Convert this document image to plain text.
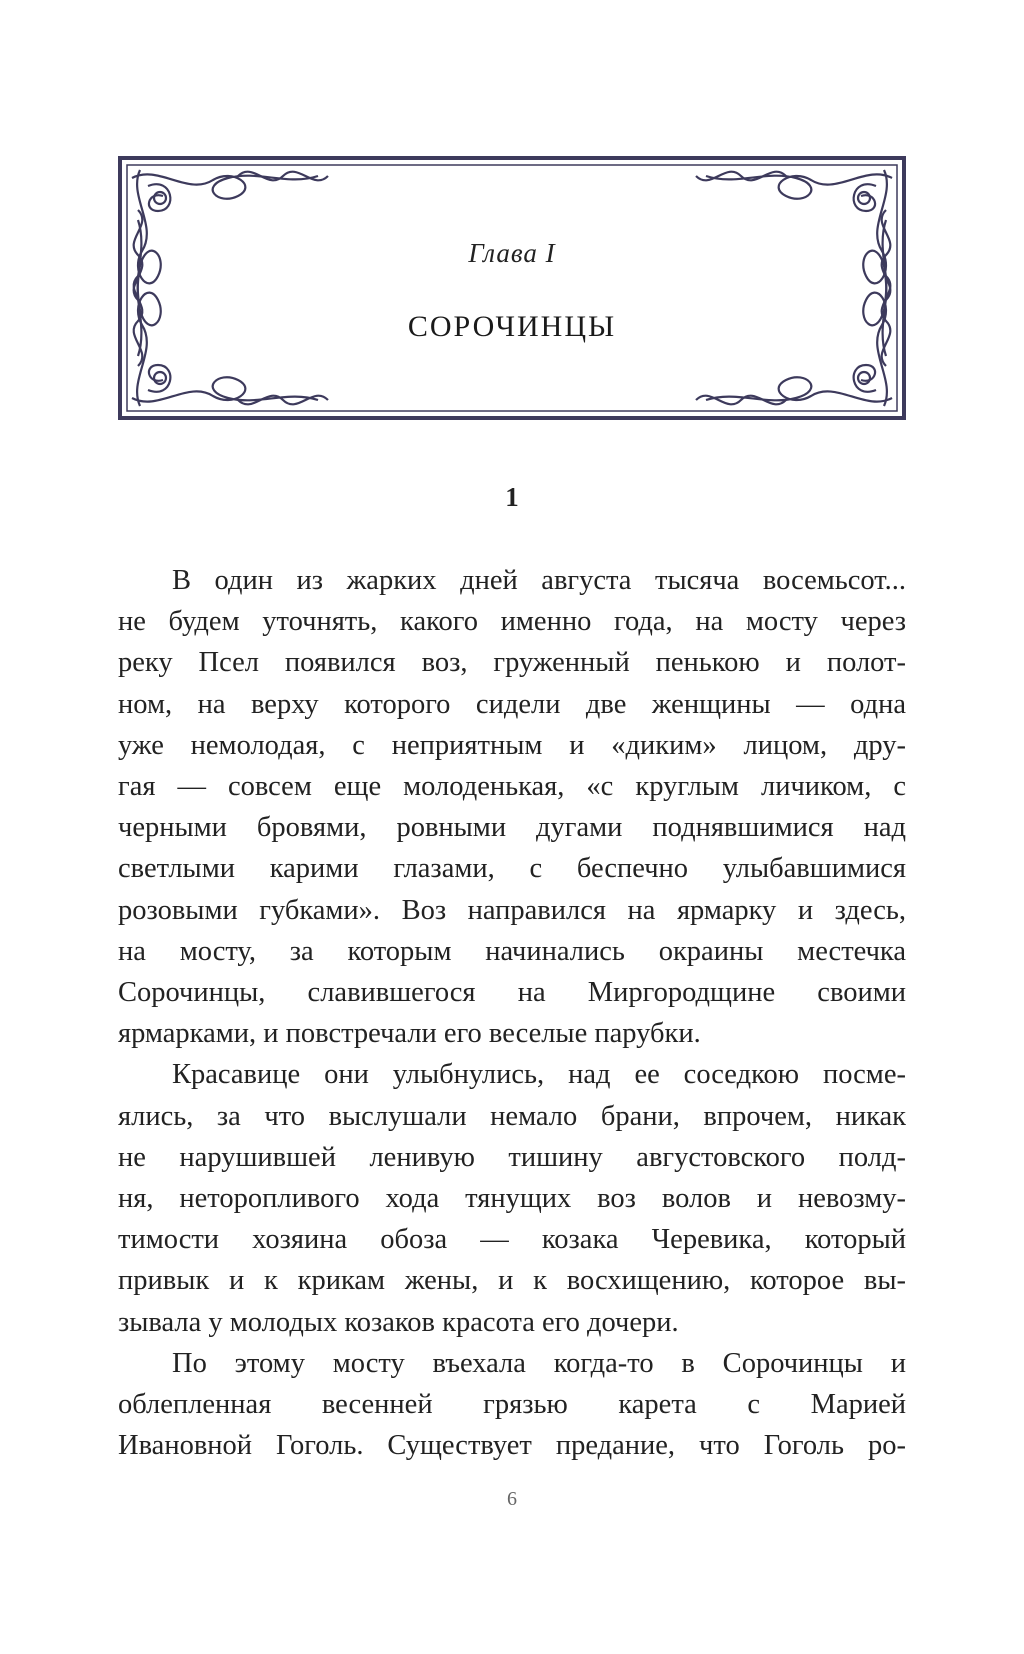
Глава I
СОРОЧИНЦЫ
1
В один из жарких дней августа тысяча восемьсот...
не будем уточнять, какого именно года, на мосту через
реку Псел появился воз, груженный пенькою и полот-
ном, на верху которого сидели две женщины — одна
уже немолодая, с неприятным и «диким» лицом, дру-
гая — совсем еще молоденькая, «с круглым личиком, с
черными бровями, ровными дугами поднявшимися над
светлыми карими глазами, с беспечно улыбавшимися
розовыми губками». Воз направился на ярмарку и здесь,
на мосту, за которым начинались окраины местечка
Сорочинцы, славившегося на Миргородщине своими
ярмарками, и повстречали его веселые парубки.
Красавице они улыбнулись, над ее соседкою посме-
ялись, за что выслушали немало брани, впрочем, никак
не нарушившей ленивую тишину августовского полд-
ня, неторопливого хода тянущих воз волов и невозму-
тимости хозяина обоза — козака Черевика, который
привык и к крикам жены, и к восхищению, которое вы-
зывала у молодых козаков красота его дочери.
По этому мосту въехала когда-то в Сорочинцы и
облепленная весенней грязью карета с Марией
Ивановной Гоголь. Существует предание, что Гоголь ро-
6
